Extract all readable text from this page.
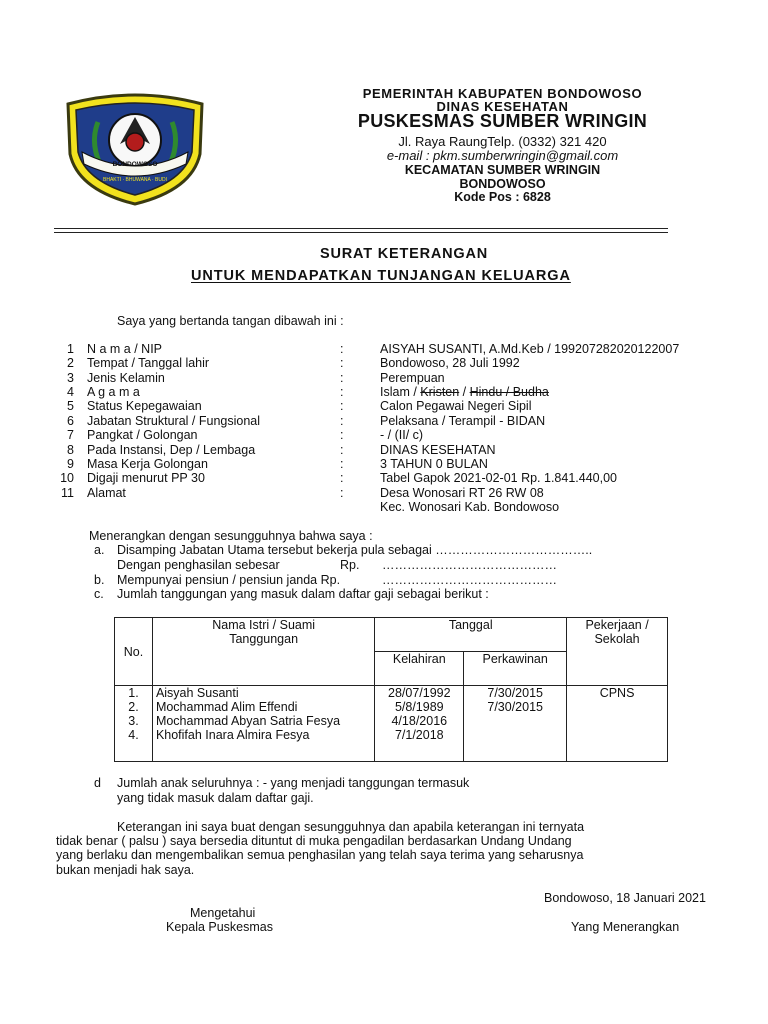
BONDOWOSO
BHAKTI · BHUWANA · BUDI
PEMERINTAH KABUPATEN BONDOWOSO
DINAS KESEHATAN
PUSKESMAS SUMBER WRINGIN
Jl. Raya RaungTelp. (0332) 321 420
e-mail : pkm.sumberwringin@gmail.com
KECAMATAN SUMBER WRINGIN
BONDOWOSO
Kode Pos : 6828
SURAT KETERANGAN
UNTUK MENDAPATKAN TUNJANGAN KELUARGA
Saya yang bertanda tangan dibawah ini :
1 N a m a / NIP	:	AISYAH SUSANTI, A.Md.Keb / 199207282020122007
2 Tempat / Tanggal lahir	:	Bondowoso, 28 Juli 1992
3 Jenis Kelamin	:	Perempuan
4 A g a m a	:	Islam / Kristen / Hindu / Budha
5 Status Kepegawaian	:	Calon Pegawai Negeri Sipil
6 Jabatan Struktural / Fungsional	:	Pelaksana / Terampil - BIDAN
7 Pangkat / Golongan	:	- / (II/ c)
8 Pada Instansi, Dep / Lembaga	:	DINAS KESEHATAN
9 Masa Kerja Golongan	:	3 TAHUN 0 BULAN
10 Digaji menurut PP 30	:	Tabel Gapok 2021-02-01 Rp. 1.841.440,00
11 Alamat	:	Desa Wonosari RT 26 RW 08
Kec. Wonosari Kab. Bondowoso
Menerangkan dengan sesungguhnya bahwa saya :
a. Disamping Jabatan Utama tersebut bekerja pula sebagai ………………………………..
Dengan penghasilan sebesar	Rp. ……………………………………
b. Mempunyai pensiun / pensiun janda Rp.	……………………………………
c. Jumlah tanggungan yang masuk dalam daftar gaji sebagai berikut :
No.	Nama Istri / Suami
Tanggungan	Tanggal		Pekerjaan /
Sekolah
		Kelahiran	Perkawinan	
1.	Aisyah Susanti	28/07/1992	7/30/2015	CPNS
2.	Mochammad Alim Effendi	5/8/1989	7/30/2015	
3.	Mochammad Abyan Satria Fesya	4/18/2016		
4.	Khofifah Inara Almira Fesya	7/1/2018		
d Jumlah anak seluruhnya : - yang menjadi tanggungan termasuk
yang tidak masuk dalam daftar gaji.
Keterangan ini saya buat dengan sesungguhnya dan apabila keterangan ini ternyata
tidak benar ( palsu ) saya bersedia dituntut di muka pengadilan berdasarkan Undang Undang
yang berlaku dan mengembalikan semua penghasilan yang telah saya terima yang seharusnya
bukan menjadi hak saya.
Bondowoso, 18 Januari 2021
Mengetahui
Kepala Puskesmas	Yang Menerangkan
